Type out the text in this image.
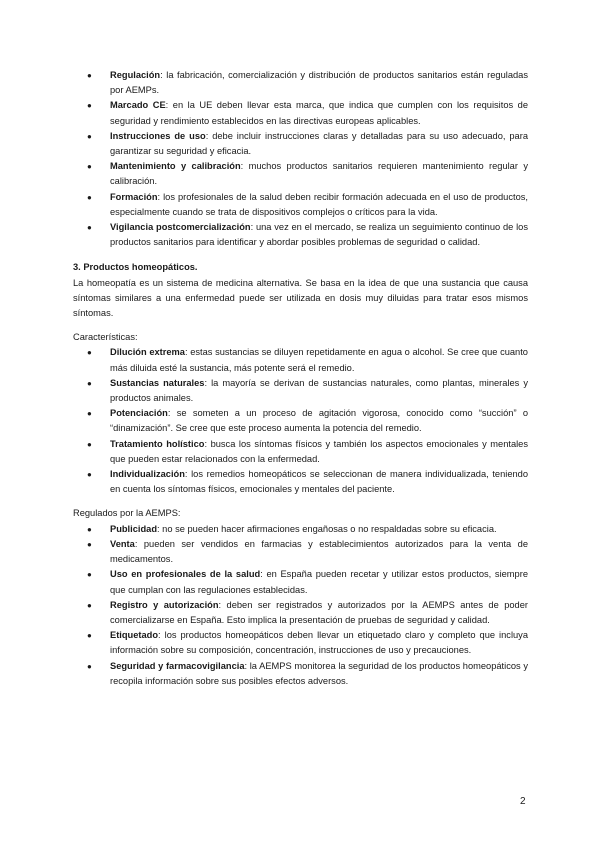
● Regulación: la fabricación, comercialización y distribución de productos sanitarios están reguladas por AEMPs.
● Marcado CE: en la UE deben llevar esta marca, que indica que cumplen con los requisitos de seguridad y rendimiento establecidos en las directivas europeas aplicables.
● Instrucciones de uso: debe incluir instrucciones claras y detalladas para su uso adecuado, para garantizar su seguridad y eficacia.
● Mantenimiento y calibración: muchos productos sanitarios requieren mantenimiento regular y calibración.
● Formación: los profesionales de la salud deben recibir formación adecuada en el uso de productos, especialmente cuando se trata de dispositivos complejos o críticos para la vida.
● Vigilancia postcomercialización: una vez en el mercado, se realiza un seguimiento continuo de los productos sanitarios para identificar y abordar posibles problemas de seguridad o calidad.
3. Productos homeopáticos.
La homeopatía es un sistema de medicina alternativa. Se basa en la idea de que una sustancia que causa síntomas similares a una enfermedad puede ser utilizada en dosis muy diluidas para tratar esos mismos síntomas.
Características:
● Dilución extrema: estas sustancias se diluyen repetidamente en agua o alcohol. Se cree que cuanto más diluida esté la sustancia, más potente será el remedio.
● Sustancias naturales: la mayoría se derivan de sustancias naturales, como plantas, minerales y productos animales.
● Potenciación: se someten a un proceso de agitación vigorosa, conocido como “succión” o “dinamización”. Se cree que este proceso aumenta la potencia del remedio.
● Tratamiento holístico: busca los síntomas físicos y también los aspectos emocionales y mentales que pueden estar relacionados con la enfermedad.
● Individualización: los remedios homeopáticos se seleccionan de manera individualizada, teniendo en cuenta los síntomas físicos, emocionales y mentales del paciente.
Regulados por la AEMPS:
● Publicidad: no se pueden hacer afirmaciones engañosas o no respaldadas sobre su eficacia.
● Venta: pueden ser vendidos en farmacias y establecimientos autorizados para la venta de medicamentos.
● Uso en profesionales de la salud: en España pueden recetar y utilizar estos productos, siempre que cumplan con las regulaciones establecidas.
● Registro y autorización: deben ser registrados y autorizados por la AEMPS antes de poder comercializarse en España. Esto implica la presentación de pruebas de seguridad y calidad.
● Etiquetado: los productos homeopáticos deben llevar un etiquetado claro y completo que incluya información sobre su composición, concentración, instrucciones de uso y precauciones.
● Seguridad y farmacovigilancia: la AEMPS monitorea la seguridad de los productos homeopáticos y recopila información sobre sus posibles efectos adversos.
2
